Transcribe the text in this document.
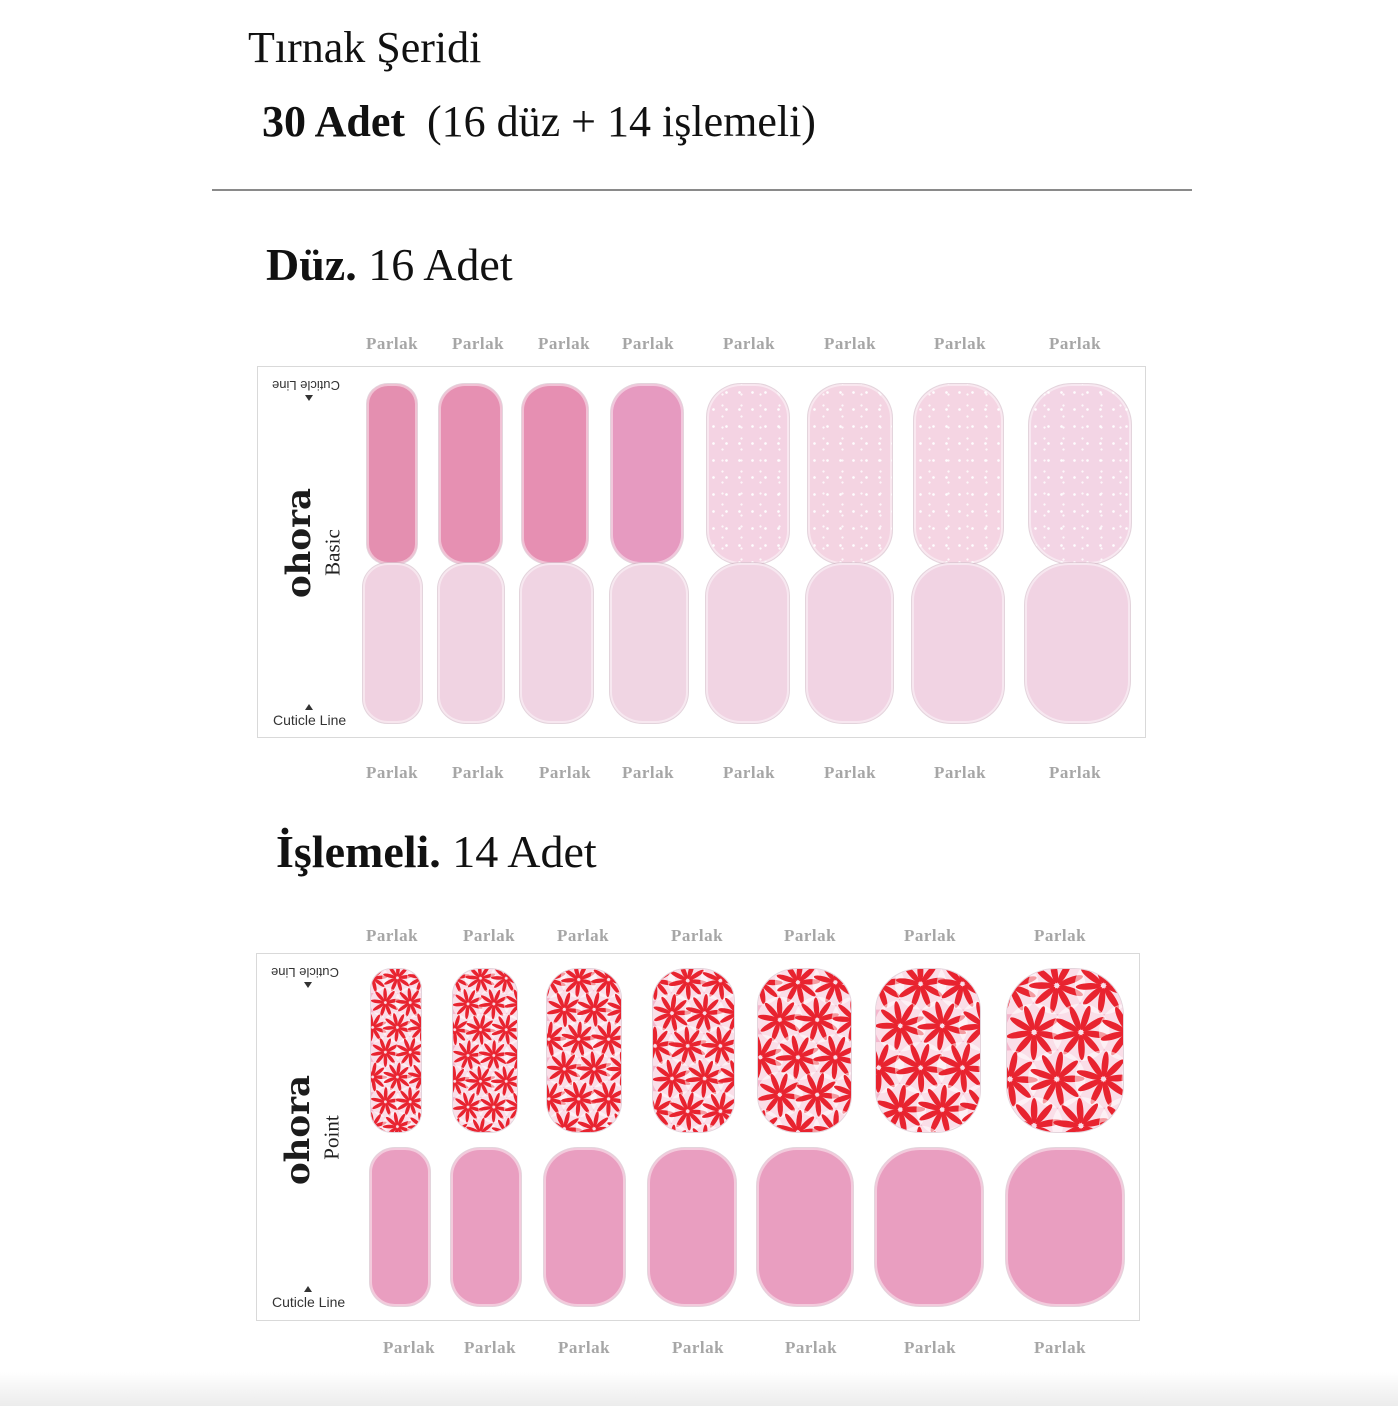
Tırnak Şeridi
30 Adet (16 düz + 14 işlemeli)
Düz. 16 Adet
Cuticle Line
ohora Basic
Cuticle Line
İşlemeli. 14 Adet
Cuticle Line
ohora Point
Cuticle Line
Parlak Parlak Parlak Parlak	Parlak	Parlak	Parlak	Parlak
Parlak Parlak Parlak Parlak	Parlak	Parlak	Parlak	Parlak
Parlak	Parlak Parlak	Parlak	Parlak	Parlak	Parlak
Parlak Parlak Parlak	Parlak	Parlak	Parlak	Parlak
